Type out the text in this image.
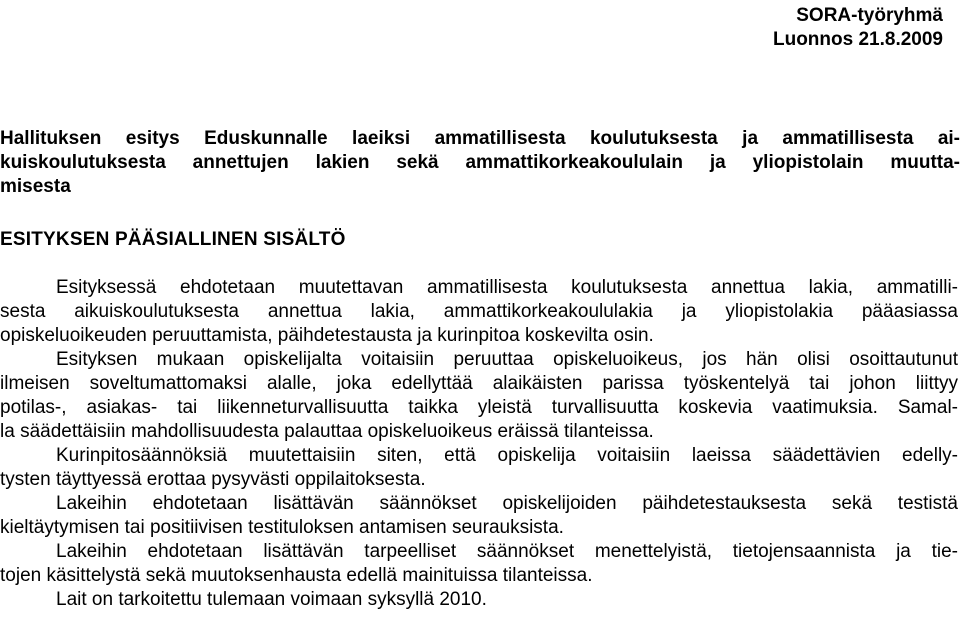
SORA-työryhmä
Luonnos 21.8.2009
Hallituksen esitys Eduskunnalle laeiksi ammatillisesta koulutuksesta ja ammatillisesta ai-
kuiskoulutuksesta annettujen lakien sekä ammattikorkeakoululain ja yliopistolain muutta-
misesta
ESITYKSEN PÄÄSIALLINEN SISÄLTÖ
Esityksessä ehdotetaan muutettavan ammatillisesta koulutuksesta annettua lakia, ammatilli-
sesta aikuiskoulutuksesta annettua lakia, ammattikorkeakoululakia ja yliopistolakia pääasiassa
opiskeluoikeuden peruuttamista, päihdetestausta ja kurinpitoa koskevilta osin.
Esityksen mukaan opiskelijalta voitaisiin peruuttaa opiskeluoikeus, jos hän olisi osoittautunut
ilmeisen soveltumattomaksi alalle, joka edellyttää alaikäisten parissa työskentelyä tai johon liittyy
potilas-, asiakas- tai liikenneturvallisuutta taikka yleistä turvallisuutta koskevia vaatimuksia. Samal-
la säädettäisiin mahdollisuudesta palauttaa opiskeluoikeus eräissä tilanteissa.
Kurinpitosäännöksiä muutettaisiin siten, että opiskelija voitaisiin laeissa säädettävien edelly-
tysten täyttyessä erottaa pysyvästi oppilaitoksesta.
Lakeihin ehdotetaan lisättävän säännökset opiskelijoiden päihdetestauksesta sekä testistä
kieltäytymisen tai positiivisen testituloksen antamisen seurauksista.
Lakeihin ehdotetaan lisättävän tarpeelliset säännökset menettelyistä, tietojensaannista ja tie-
tojen käsittelystä sekä muutoksenhausta edellä mainituissa tilanteissa.
Lait on tarkoitettu tulemaan voimaan syksyllä 2010.
